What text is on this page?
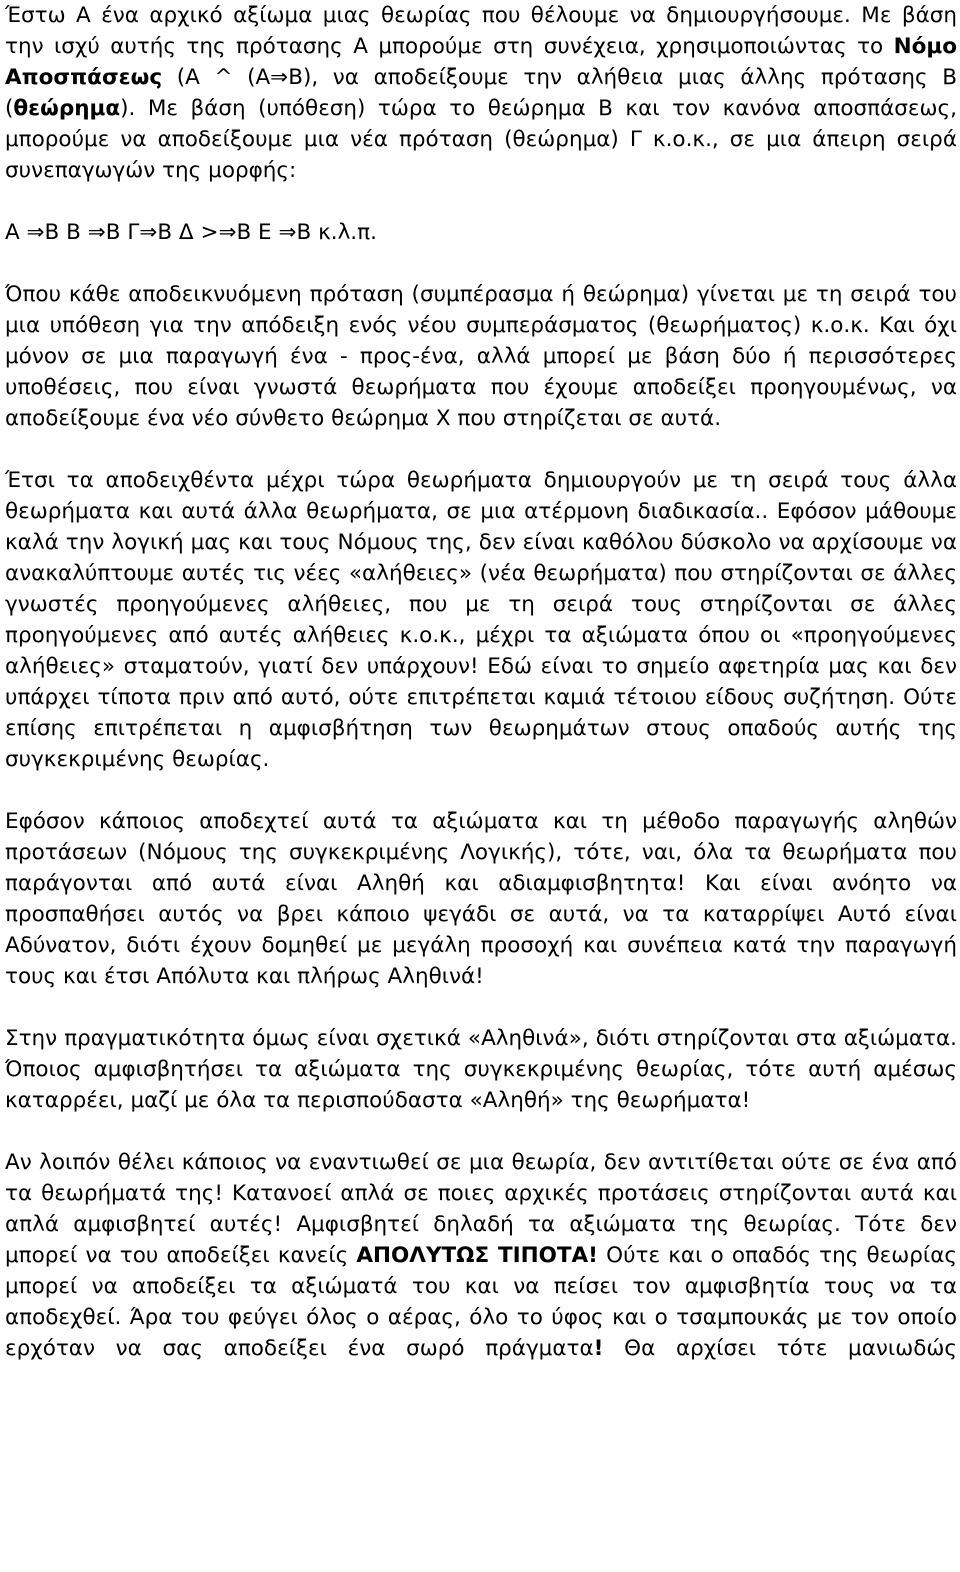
Έστω Α ένα αρχικό αξίωμα μιας θεωρίας που θέλουμε να δημιουργήσουμε. Με βάση την ισχύ αυτής της πρότασης Α μπορούμε στη συνέχεια, χρησιμοποιώντας το Νόμο Αποσπάσεως (A ^ (A⇒B), να αποδείξουμε την αλήθεια μιας άλλης πρότασης Β (θεώρημα). Με βάση (υπόθεση) τώρα το θεώρημα Β και τον κανόνα αποσπάσεως, μπορούμε να αποδείξουμε μια νέα πρόταση (θεώρημα) Γ κ.ο.κ., σε μια άπειρη σειρά συνεπαγωγών της μορφής:

A ⇒B B ⇒B Γ⇒B Δ >⇒B E ⇒B κ.λ.π.

Όπου κάθε αποδεικνυόμενη πρόταση (συμπέρασμα ή θεώρημα) γίνεται με τη σειρά του μια υπόθεση για την απόδειξη ενός νέου συμπεράσματος (θεωρήματος) κ.ο.κ. Και όχι μόνον σε μια παραγωγή ένα - προς-ένα, αλλά μπορεί με βάση δύο ή περισσότερες υποθέσεις, που είναι γνωστά θεωρήματα που έχουμε αποδείξει προηγουμένως, να αποδείξουμε ένα νέο σύνθετο θεώρημα Χ που στηρίζεται σε αυτά.

Έτσι τα αποδειχθέντα μέχρι τώρα θεωρήματα δημιουργούν με τη σειρά τους άλλα θεωρήματα και αυτά άλλα θεωρήματα, σε μια ατέρμονη διαδικασία.. Εφόσον μάθουμε καλά την λογική μας και τους Νόμους της, δεν είναι καθόλου δύσκολο να αρχίσουμε να ανακαλύπτουμε αυτές τις νέες «αλήθειες» (νέα θεωρήματα) που στηρίζονται σε άλλες γνωστές προηγούμενες αλήθειες, που με τη σειρά τους στηρίζονται σε άλλες προηγούμενες από αυτές αλήθειες κ.ο.κ., μέχρι τα αξιώματα όπου οι «προηγούμενες αλήθειες» σταματούν, γιατί δεν υπάρχουν! Εδώ είναι το σημείο αφετηρία μας και δεν υπάρχει τίποτα πριν από αυτό, ούτε επιτρέπεται καμιά τέτοιου είδους συζήτηση. Ούτε επίσης επιτρέπεται η αμφισβήτηση των θεωρημάτων στους οπαδούς αυτής της συγκεκριμένης θεωρίας.

Εφόσον κάποιος αποδεχτεί αυτά τα αξιώματα και τη μέθοδο παραγωγής αληθών προτάσεων (Νόμους της συγκεκριμένης Λογικής), τότε, ναι, όλα τα θεωρήματα που παράγονται από αυτά είναι Αληθή και αδιαμφισβητητα! Και είναι ανόητο να προσπαθήσει αυτός να βρει κάποιο ψεγάδι σε αυτά, να τα καταρρίψει Αυτό είναι Αδύνατον, διότι έχουν δομηθεί με μεγάλη προσοχή και συνέπεια κατά την παραγωγή τους και έτσι Απόλυτα και πλήρως Αληθινά!

Στην πραγματικότητα όμως είναι σχετικά «Αληθινά», διότι στηρίζονται στα αξιώματα. Όποιος αμφισβητήσει τα αξιώματα της συγκεκριμένης θεωρίας, τότε αυτή αμέσως καταρρέει, μαζί με όλα τα περισπούδαστα «Αληθή» της θεωρήματα!

Αν λοιπόν θέλει κάποιος να εναντιωθεί σε μια θεωρία, δεν αντιτίθεται ούτε σε ένα από τα θεωρήματά της! Κατανοεί απλά σε ποιες αρχικές προτάσεις στηρίζονται αυτά και απλά αμφισβητεί αυτές! Αμφισβητεί δηλαδή τα αξιώματα της θεωρίας. Τότε δεν μπορεί να του αποδείξει κανείς ΑΠΟΛΥΤΩΣ ΤΙΠΟΤΑ! Ούτε και ο οπαδός της θεωρίας μπορεί να αποδείξει τα αξιώματά του και να πείσει τον αμφισβητία τους να τα αποδεχθεί. Άρα του φεύγει όλος ο αέρας, όλο το ύφος και ο τσαμπουκάς με τον οποίο ερχόταν να σας αποδείξει ένα σωρό πράγματα! Θα αρχίσει τότε μανιωδώς
